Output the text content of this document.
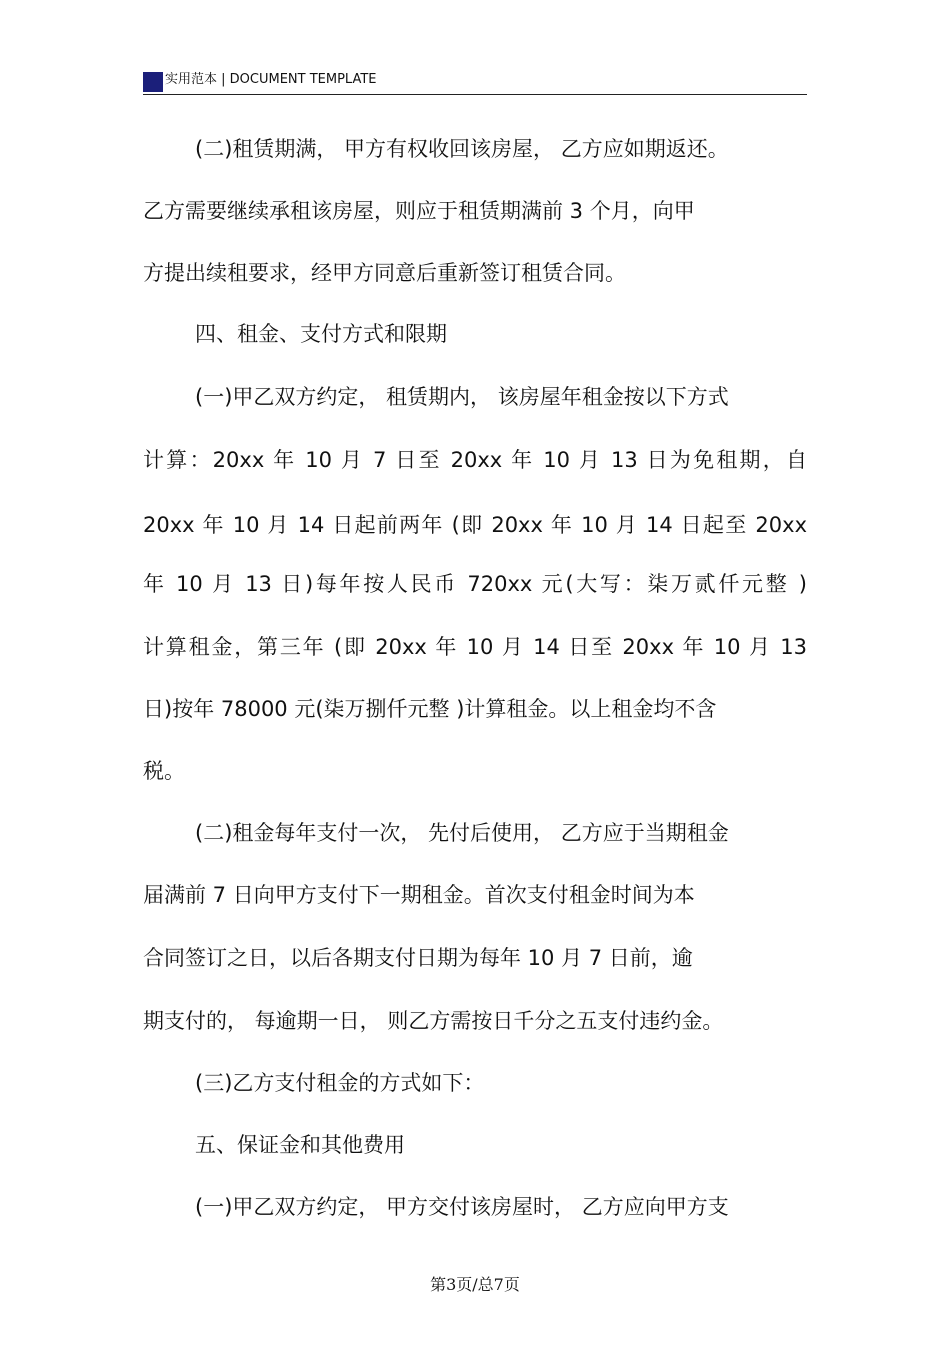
实用范本 | DOCUMENT TEMPLATE
(二)租赁期满， 甲方有权收回该房屋， 乙方应如期返还。
乙方需要继续承租该房屋，则应于租赁期满前 3 个月，向甲
方提出续租要求，经甲方同意后重新签订租赁合同。
四、租金、支付方式和限期
(一)甲乙双方约定， 租赁期内， 该房屋年租金按以下方式
计算：20xx 年 10 月 7 日至 20xx 年 10 月 13 日为免租期，自
20xx 年 10 月 14 日起前两年 (即 20xx 年 10 月 14 日起至 20xx
年 10 月 13 日)每年按人民币 720xx 元(大写：柒万贰仟元整 )
计算租金，第三年 (即 20xx 年 10 月 14 日至 20xx 年 10 月 13
日)按年 78000 元(柒万捌仟元整 )计算租金。以上租金均不含
税。
(二)租金每年支付一次， 先付后使用， 乙方应于当期租金
届满前 7 日向甲方支付下一期租金。首次支付租金时间为本
合同签订之日，以后各期支付日期为每年 10 月 7 日前，逾
期支付的， 每逾期一日， 则乙方需按日千分之五支付违约金。
(三)乙方支付租金的方式如下：
五、保证金和其他费用
(一)甲乙双方约定， 甲方交付该房屋时， 乙方应向甲方支
第3页/总7页
